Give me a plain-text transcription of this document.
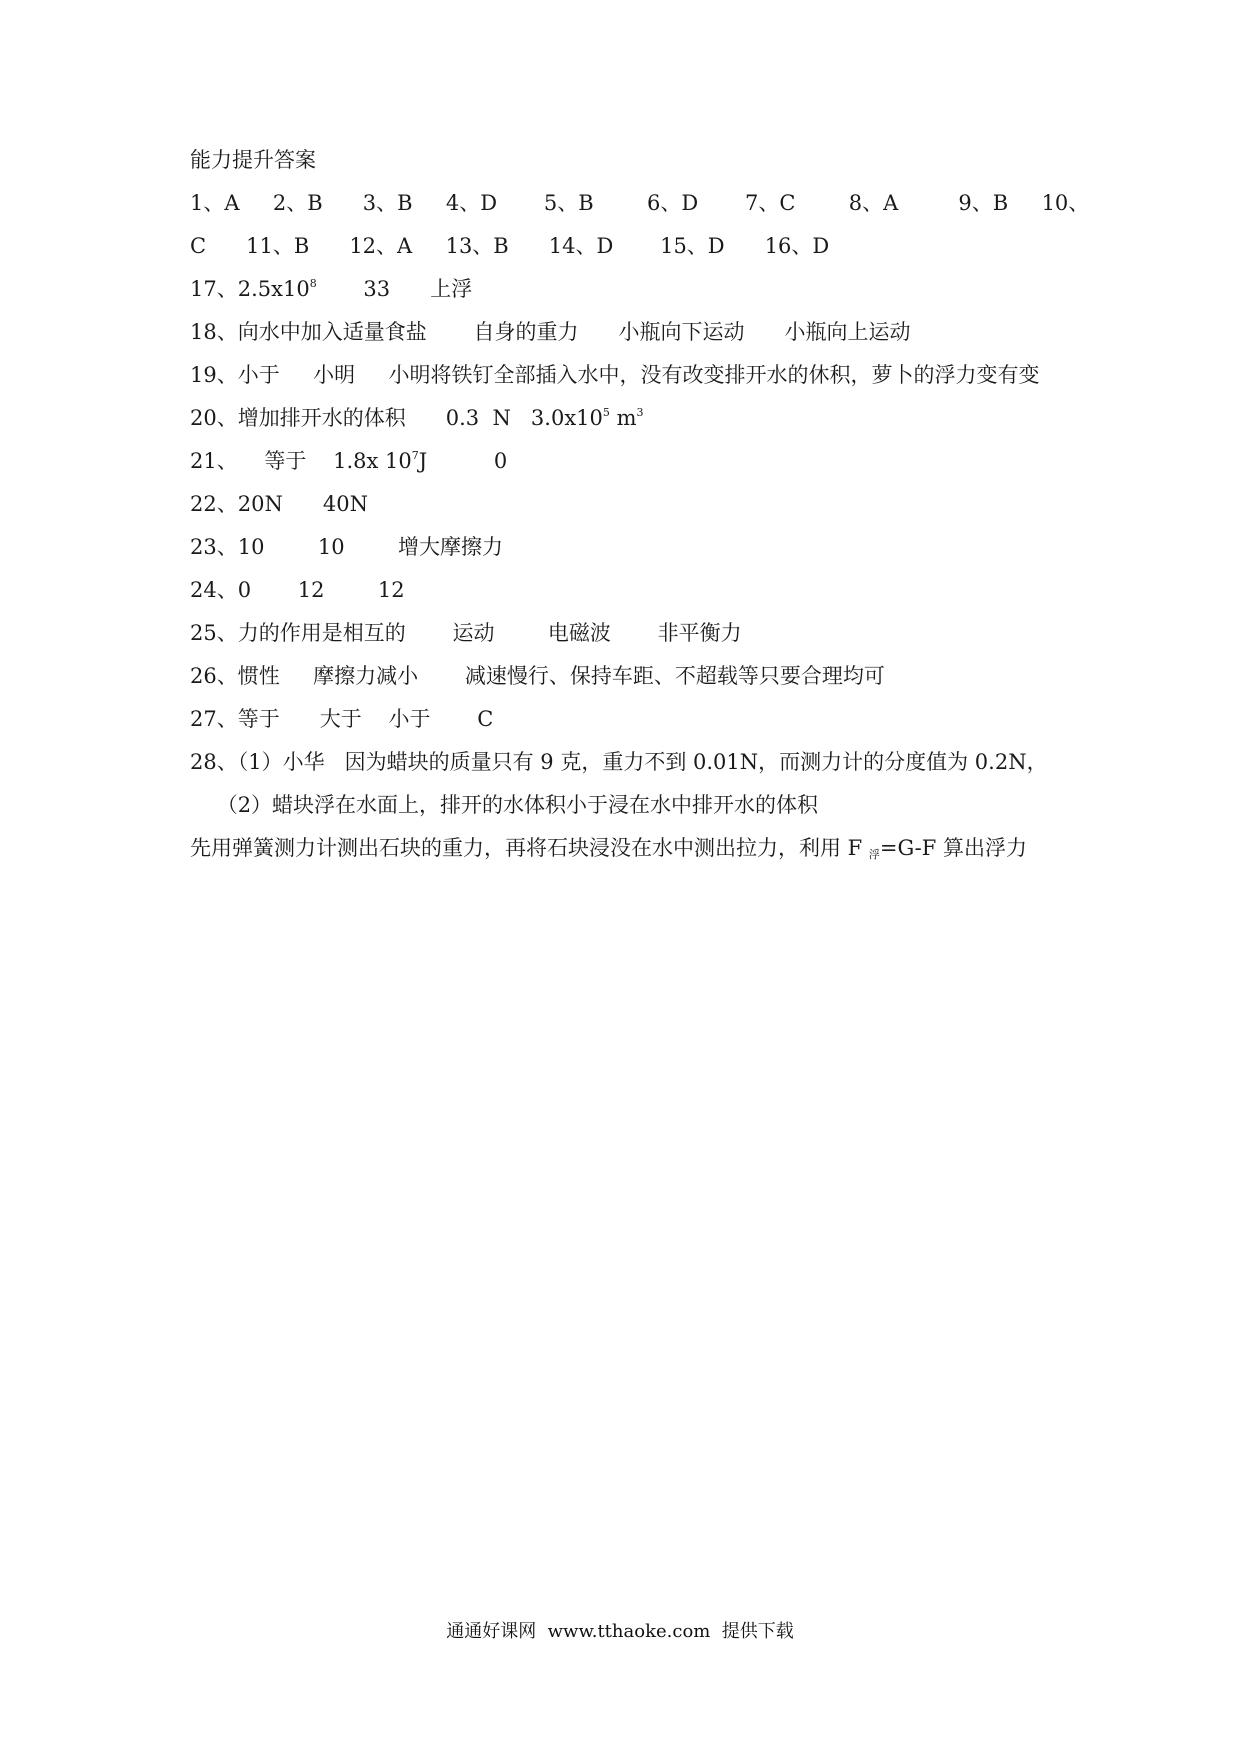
能力提升答案
1、A     2、B      3、B     4、D       5、B        6、D       7、C        8、A         9、B     10、
C      11、B      12、A     13、B      14、D       15、D      16、D
17、$2.5x10^8$       33      上浮
18、向水中加入适量食盐       自身的重力      小瓶向下运动      小瓶向上运动
19、小于     小明     小明将铁钉全部插入水中，没有改变排开水的休积，萝卜的浮力变有变
20、增加排开水的体积      0.3  N   $3.0x10^5$ $m^3$
21、    等于    1.8x $10^7J$          0
22、20N      40N
23、10        10        增大摩擦力
24、0       12        12
25、力的作用是相互的       运动        电磁波       非平衡力
26、惯性     摩擦力减小       减速慢行、保持车距、不超载等只要合理均可
27、等于      大于    小于       C
28、（1）小华   因为蜡块的质量只有 9 克，重力不到 0.01N，而测力计的分度值为 0.2N，
（2）蜡块浮在水面上，排开的水体积小于浸在水中排开水的体积
先用弹簧测力计测出石块的重力，再将石块浸没在水中测出拉力，利用 F $_浮$=G-F 算出浮力
通通好课网  www.tthaoke.com  提供下载
